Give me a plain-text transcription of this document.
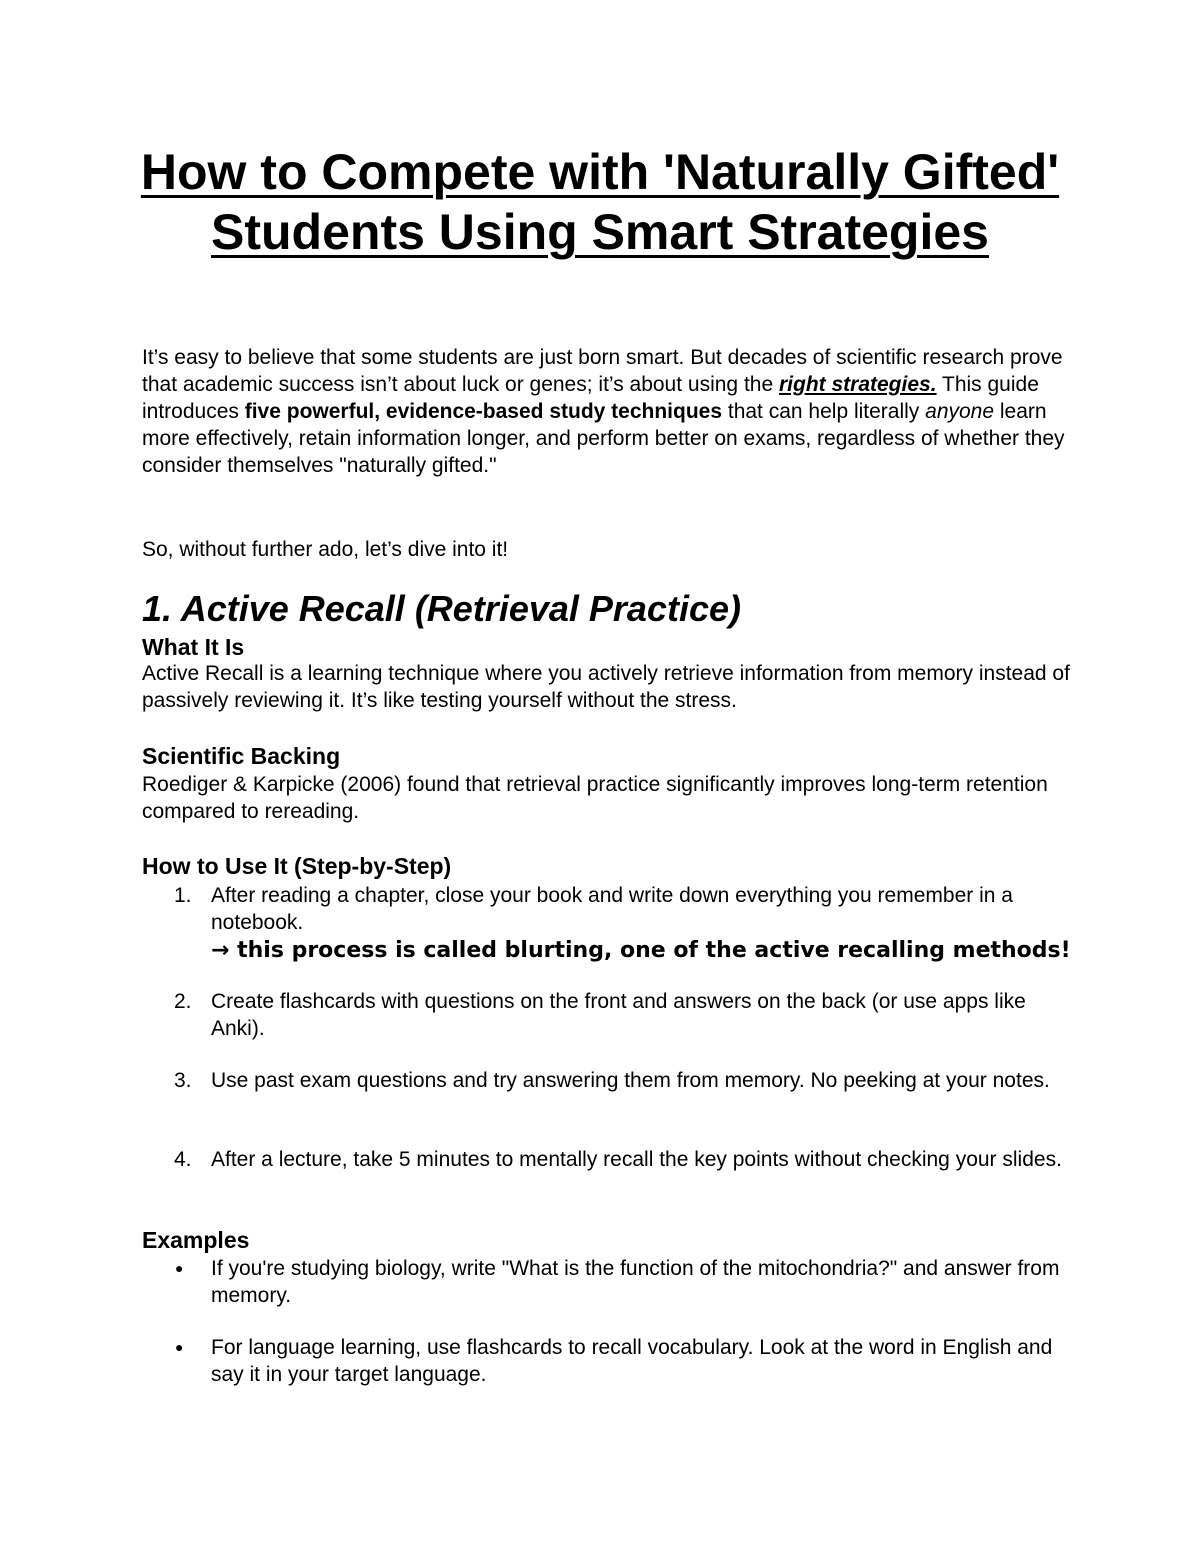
How to Compete with 'Naturally Gifted' Students Using Smart Strategies

It’s easy to believe that some students are just born smart. But decades of scientific research prove that academic success isn’t about luck or genes; it’s about using the right strategies. This guide introduces five powerful, evidence-based study techniques that can help literally anyone learn more effectively, retain information longer, and perform better on exams, regardless of whether they consider themselves "naturally gifted."

So, without further ado, let’s dive into it!

1. Active Recall (Retrieval Practice)
What It Is

Active Recall is a learning technique where you actively retrieve information from memory instead of passively reviewing it. It’s like testing yourself without the stress.

Scientific Backing

Roediger & Karpicke (2006) found that retrieval practice significantly improves long-term retention compared to rereading.

How to Use It (Step-by-Step)
1. After reading a chapter, close your book and write down everything you remember in a notebook.
→ this process is called blurting, one of the active recalling methods!
2. Create flashcards with questions on the front and answers on the back (or use apps like Anki).
3. Use past exam questions and try answering them from memory. No peeking at your notes.
4. After a lecture, take 5 minutes to mentally recall the key points without checking your slides.
Examples
● If you're studying biology, write "What is the function of the mitochondria?" and answer from memory.
● For language learning, use flashcards to recall vocabulary. Look at the word in English and say it in your target language.
